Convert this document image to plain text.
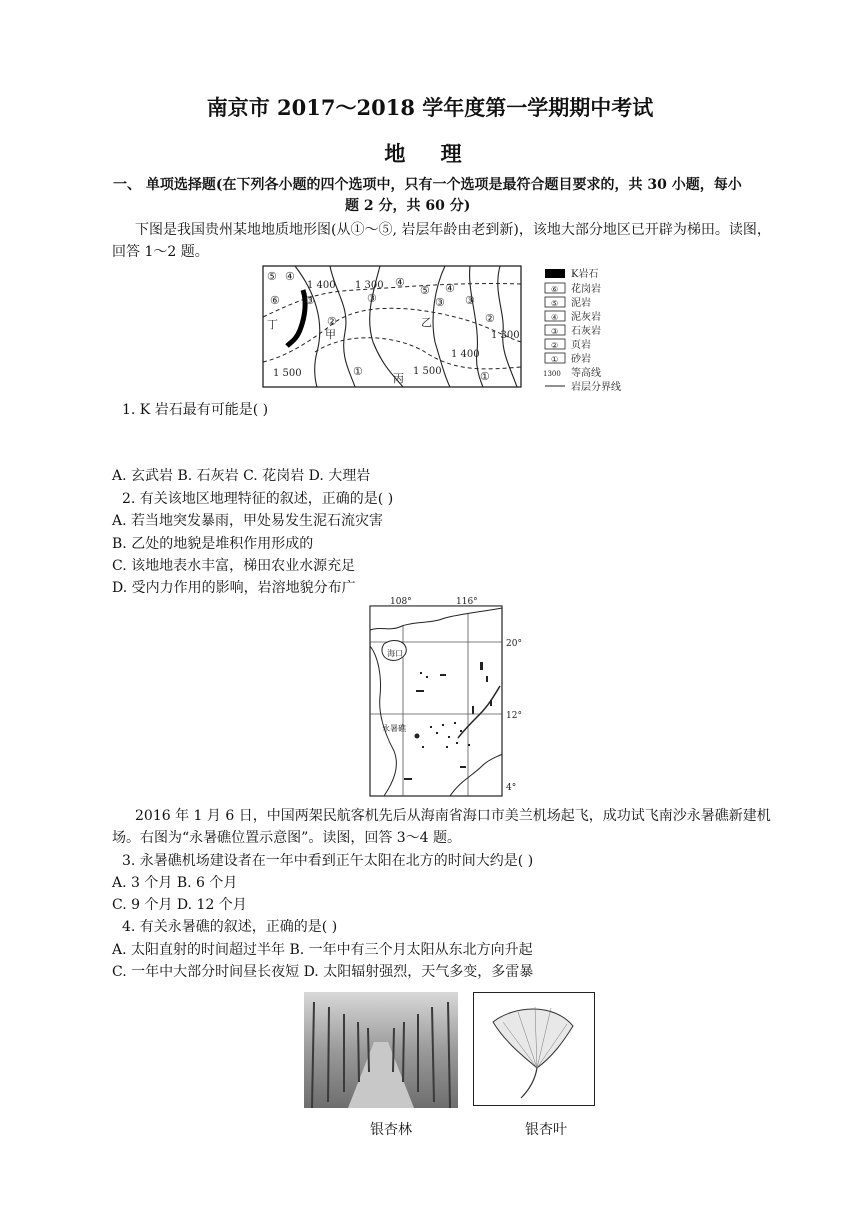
南京市 2017～2018 学年度第一学期期中考试
地 理
一、 单项选择题(在下列各小题的四个选项中，只有一个选项是最符合题目要求的，共 30 小题，每小
题 2 分，共 60 分)
下图是我国贵州某地地质地形图(从①～⑤, 岩层年龄由老到新)，该地大部分地区已开辟为梯田。读图，
回答 1～2 题。
1 400 1 300
1 300
1 400
1 500	1 500
丁
甲
乙
丙
⑤ ④
⑥ ③	③
④
⑤ ④
③
②	②
①	①
③
K岩石
⑥ 花岗岩
⑤ 泥岩
④ 泥灰岩
③ 石灰岩
② 页岩
① 砂岩
1300 等高线
岩层分界线
1. K 岩石最有可能是( )
A. 玄武岩 B. 石灰岩 C. 花岗岩 D. 大理岩
2. 有关该地区地理特征的叙述，正确的是( )
A. 若当地突发暴雨，甲处易发生泥石流灾害
B. 乙处的地貌是堆积作用形成的
C. 该地地表水丰富，梯田农业水源充足
D. 受内力作用的影响，岩溶地貌分布广
108°	116°
20°
12°
4°
海口
永暑礁
2016 年 1 月 6 日，中国两架民航客机先后从海南省海口市美兰机场起飞，成功试飞南沙永暑礁新建机
场。右图为“永暑礁位置示意图”。读图，回答 3～4 题。
3. 永暑礁机场建设者在一年中看到正午太阳在北方的时间大约是( )
A. 3 个月 B. 6 个月
C. 9 个月 D. 12 个月
4. 有关永暑礁的叙述，正确的是( )
A. 太阳直射的时间超过半年 B. 一年中有三个月太阳从东北方向升起
C. 一年中大部分时间昼长夜短 D. 太阳辐射强烈，天气多变，多雷暴
银杏林	银杏叶
